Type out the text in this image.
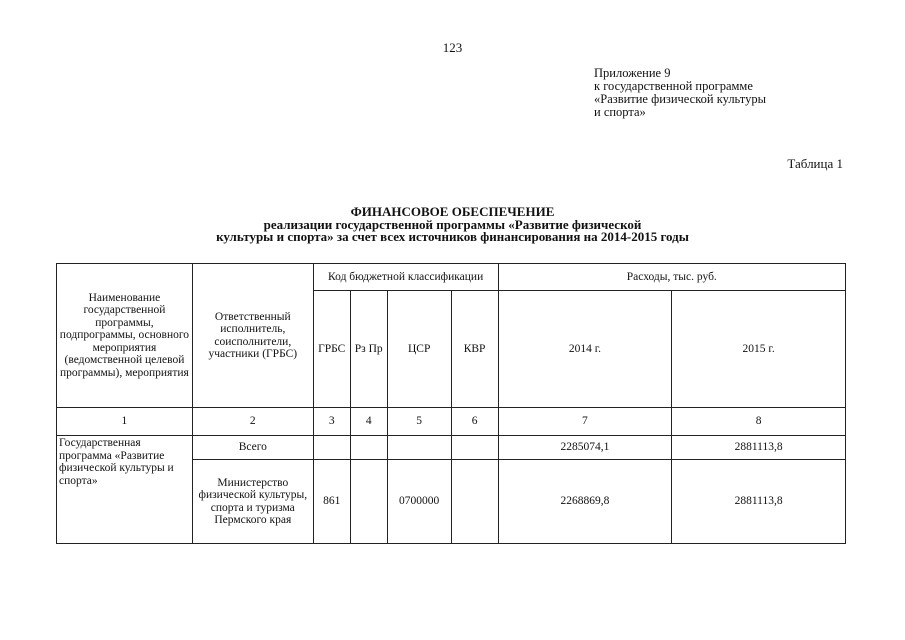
123
Приложение 9
к государственной программе
«Развитие физической культуры
и спорта»
Таблица 1
ФИНАНСОВОЕ ОБЕСПЕЧЕНИЕ
реализации государственной программы «Развитие физической
культуры и спорта» за счет всех источников финансирования на 2014-2015 годы
Наименование государственной программы, подпрограммы, основного мероприятия (ведомственной целевой программы), мероприятия	Ответственный исполнитель, соисполнители, участники (ГРБС)	Код бюджетной классификации				Расходы, тыс. руб.	
		ГРБС	Рз Пр	ЦСР	КВР	2014 г.	2015 г.
1	2	3	4	5	6	7	8
Государственная программа «Развитие физической культуры и спорта»	Всего					2285074,1	2881113,8
	Министерство физической культуры, спорта и туризма Пермского края	861		0700000		2268869,8	2881113,8
